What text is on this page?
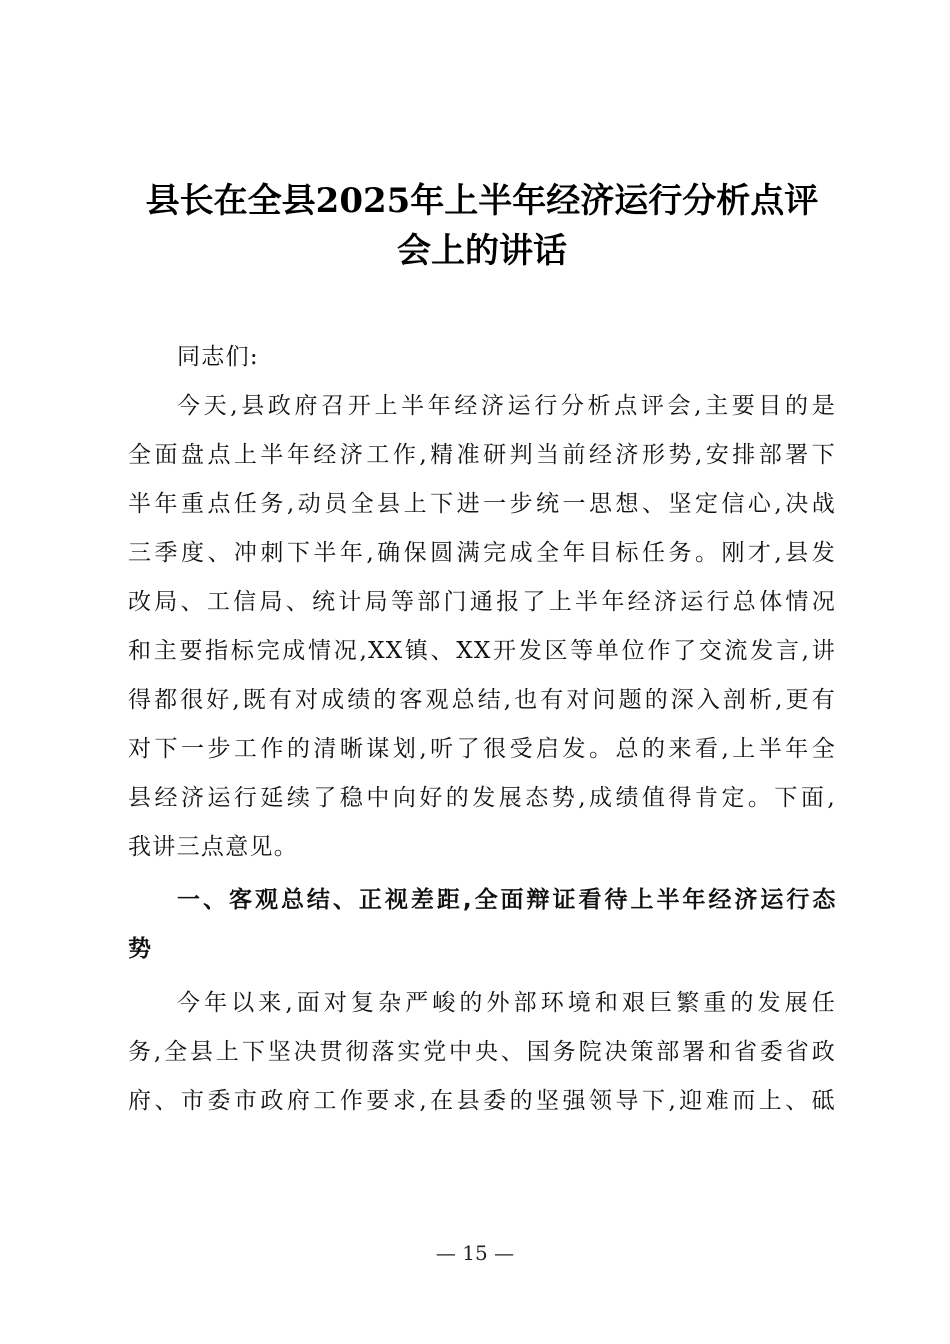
县长在全县2025年上半年经济运行分析点评
会上的讲话
同志们:
今天,县政府召开上半年经济运行分析点评会,主要目的是
全面盘点上半年经济工作,精准研判当前经济形势,安排部署下
半年重点任务,动员全县上下进一步统一思想、坚定信心,决战
三季度、冲刺下半年,确保圆满完成全年目标任务。刚才,县发
改局、工信局、统计局等部门通报了上半年经济运行总体情况
和主要指标完成情况,XX镇、XX开发区等单位作了交流发言,讲
得都很好,既有对成绩的客观总结,也有对问题的深入剖析,更有
对下一步工作的清晰谋划,听了很受启发。总的来看,上半年全
县经济运行延续了稳中向好的发展态势,成绩值得肯定。下面,
我讲三点意见。
一、客观总结、正视差距,全面辩证看待上半年经济运行态
势
今年以来,面对复杂严峻的外部环境和艰巨繁重的发展任
务,全县上下坚决贯彻落实党中央、国务院决策部署和省委省政
府、市委市政府工作要求,在县委的坚强领导下,迎难而上、砥
— 15 —
